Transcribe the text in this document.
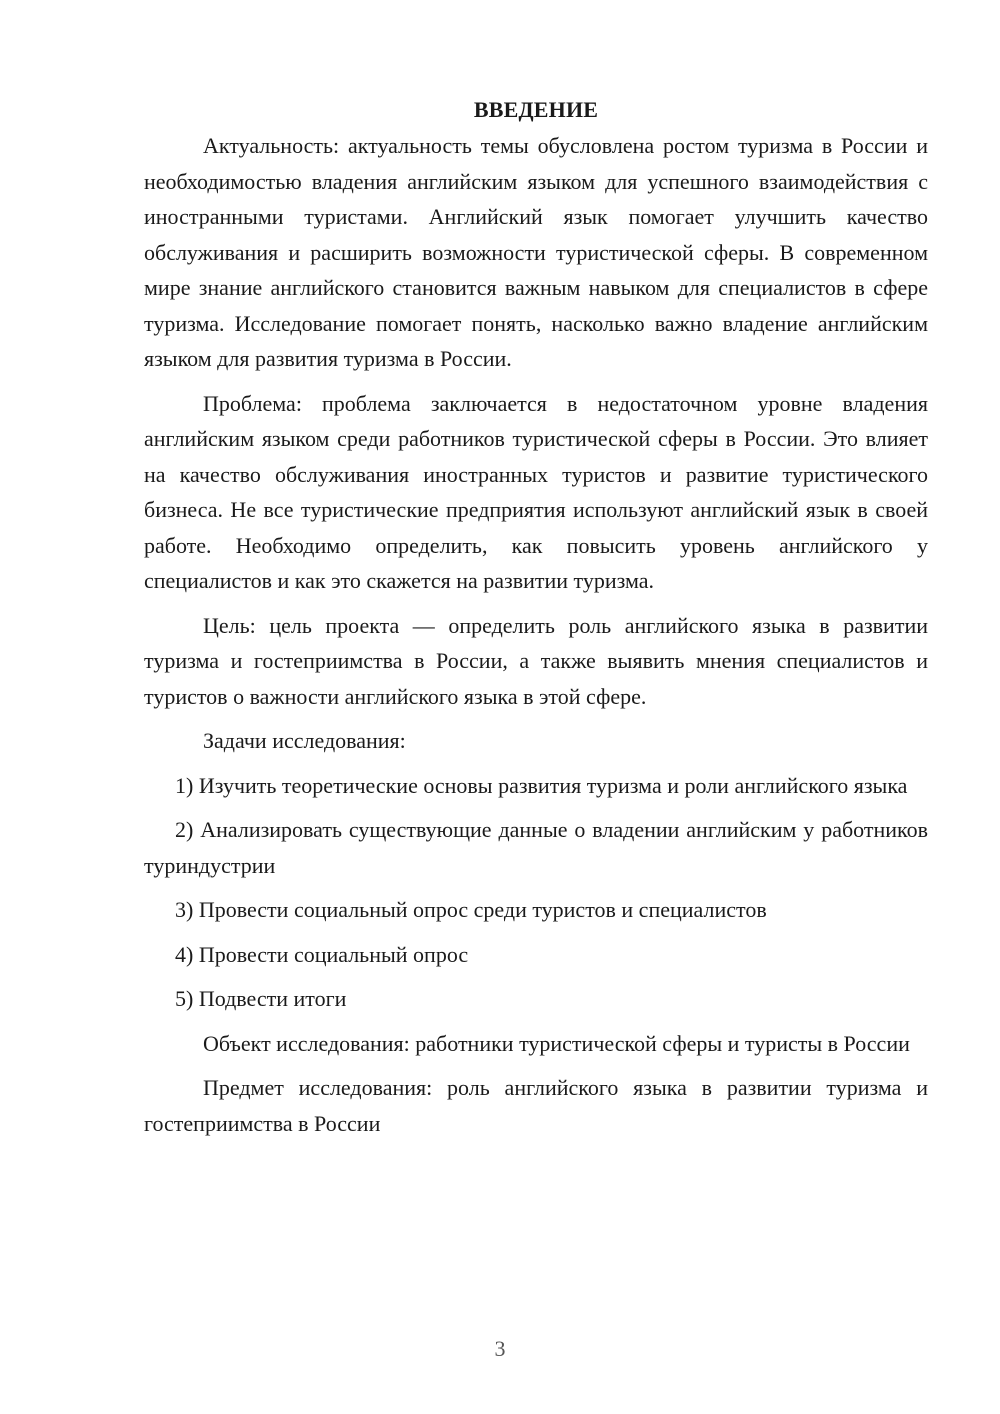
ВВЕДЕНИЕ

Актуальность: актуальность темы обусловлена ростом туризма в России и необходимостью владения английским языком для успешного взаимодействия с иностранными туристами. Английский язык помогает улучшить качество обслуживания и расширить возможности туристической сферы. В современном мире знание английского становится важным навыком для специалистов в сфере туризма. Исследование помогает понять, насколько важно владение английским языком для развития туризма в России.

Проблема: проблема заключается в недостаточном уровне владения английским языком среди работников туристической сферы в России. Это влияет на качество обслуживания иностранных туристов и развитие туристического бизнеса. Не все туристические предприятия используют английский язык в своей работе. Необходимо определить, как повысить уровень английского у специалистов и как это скажется на развитии туризма.

Цель: цель проекта — определить роль английского языка в развитии туризма и гостеприимства в России, а также выявить мнения специалистов и туристов о важности английского языка в этой сфере.

Задачи исследования:

1) Изучить теоретические основы развития туризма и роли английского языка

2) Анализировать существующие данные о владении английским у работников туриндустрии

3) Провести социальный опрос среди туристов и специалистов

4) Провести социальный опрос

5) Подвести итоги

Объект исследования: работники туристической сферы и туристы в России

Предмет исследования: роль английского языка в развитии туризма и гостеприимства в России

3
